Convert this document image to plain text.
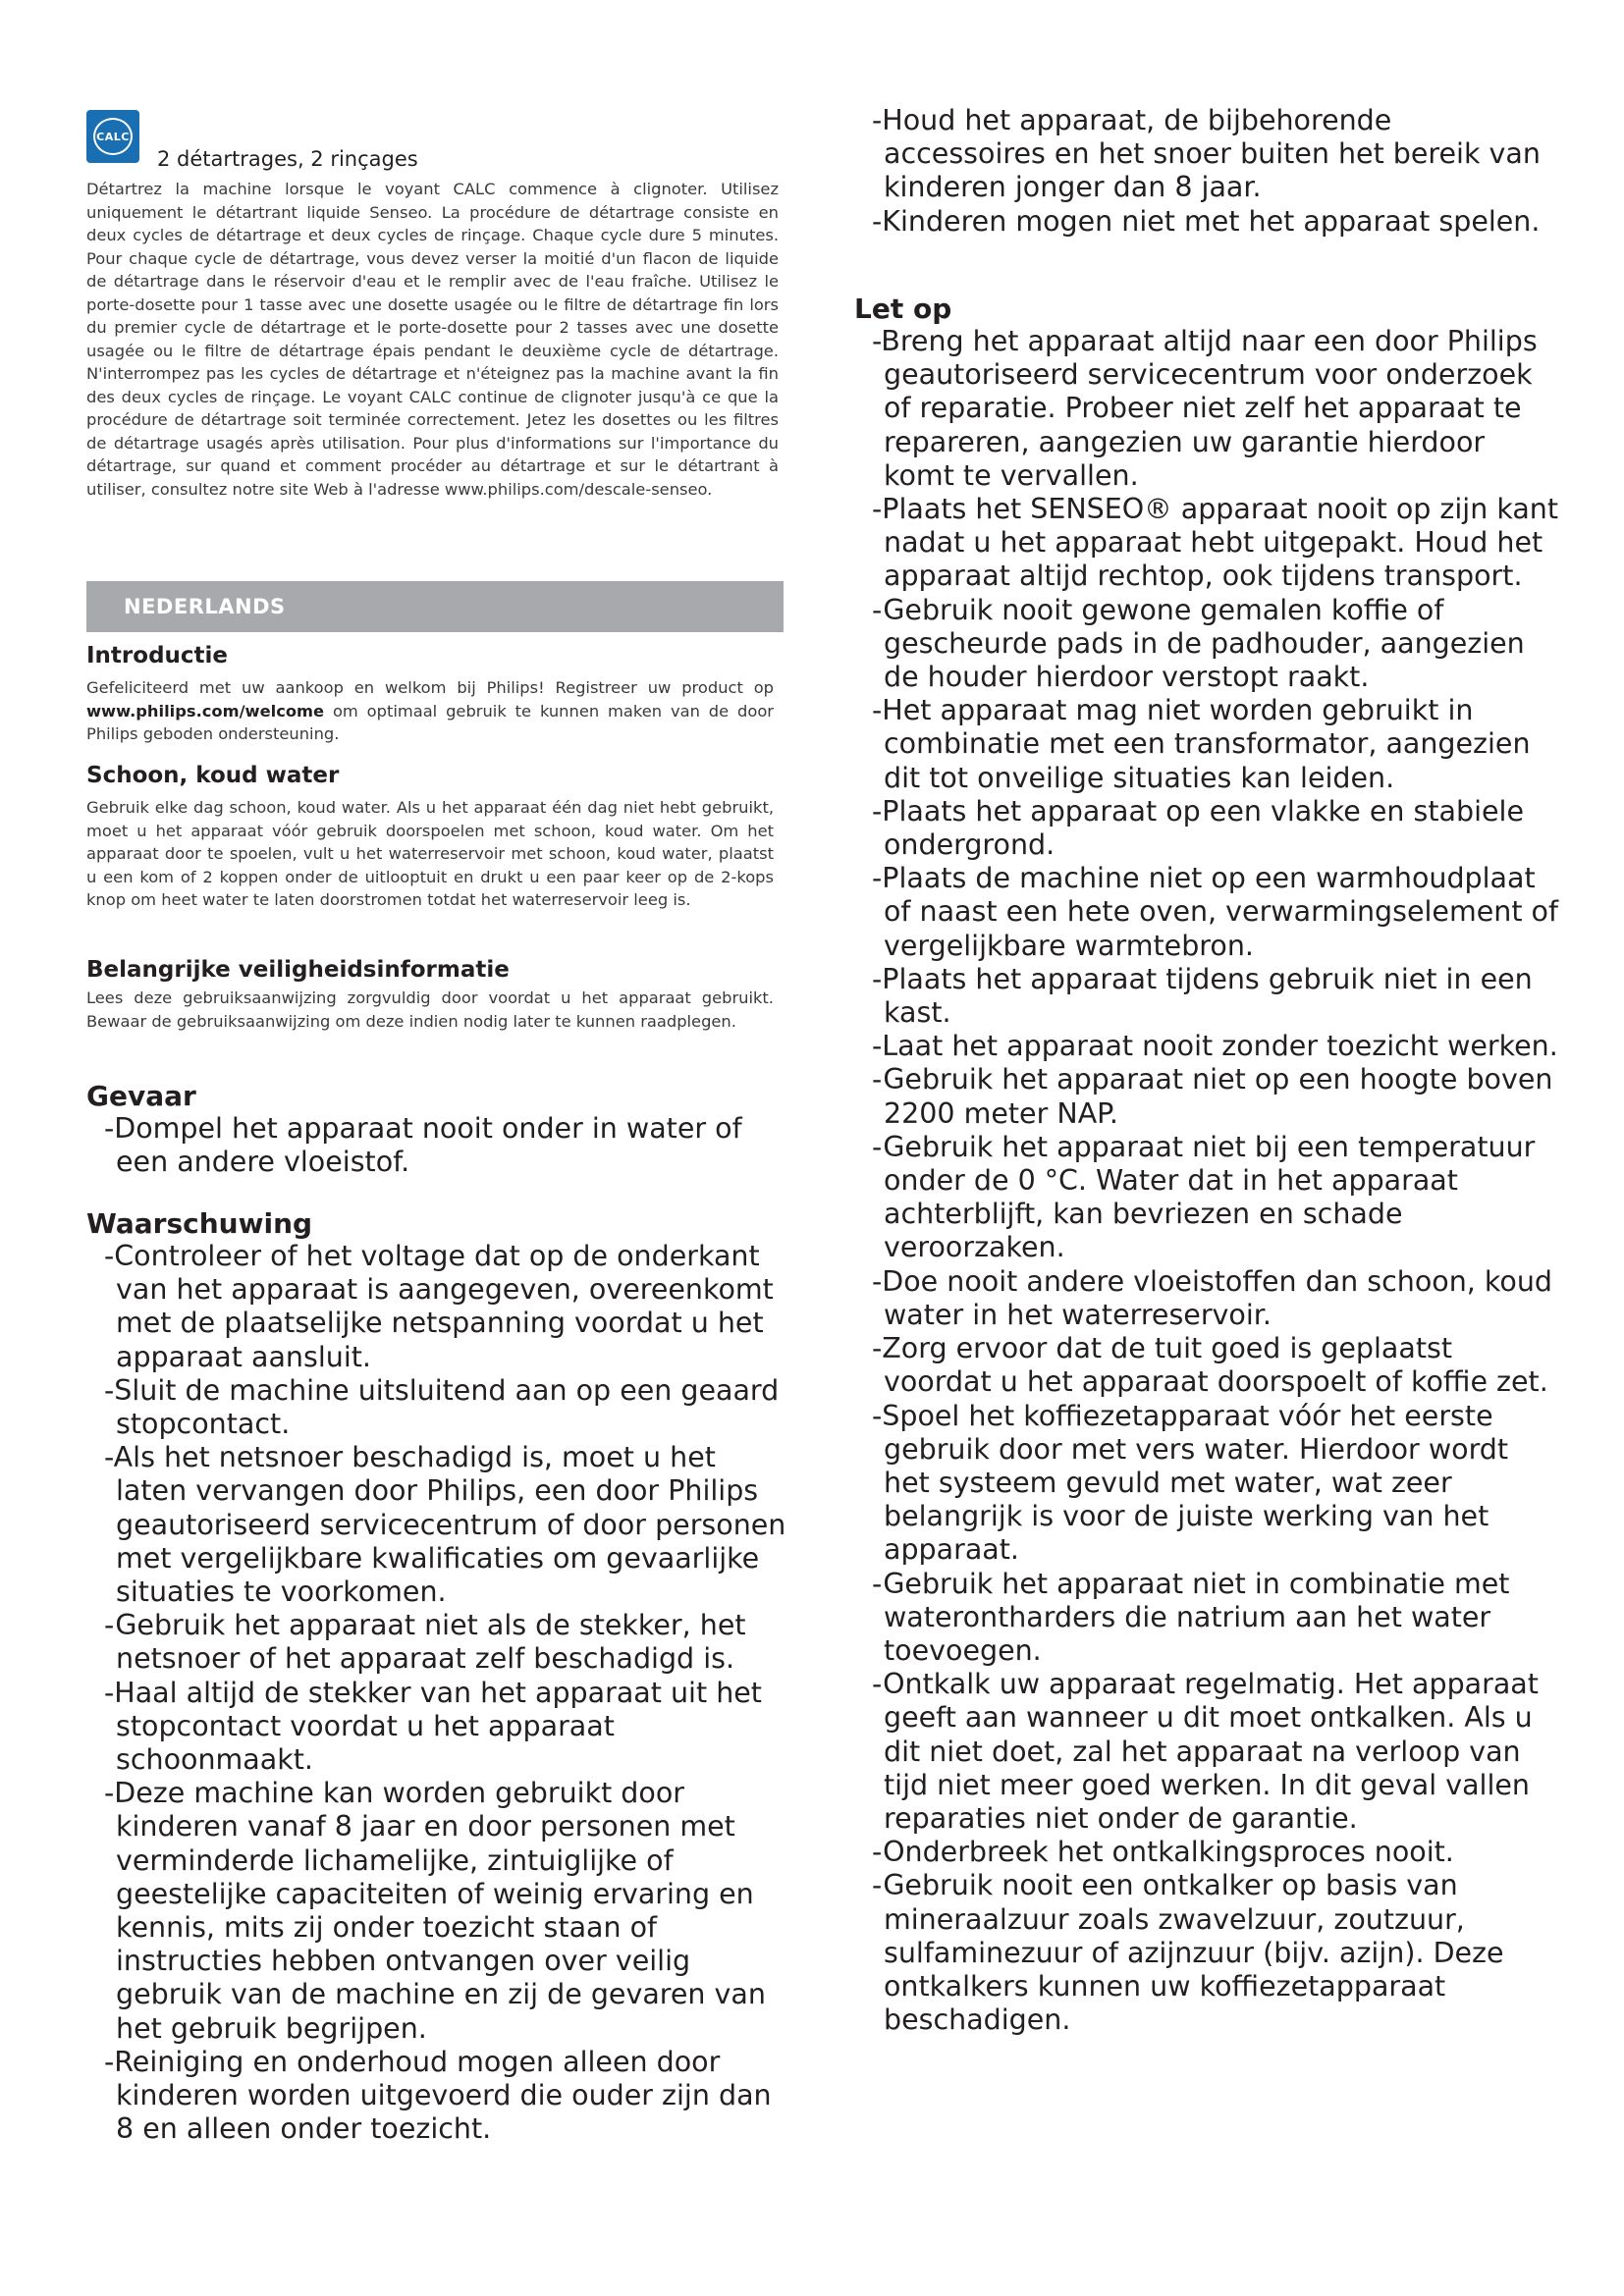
CALC
2 détartrages, 2 rinçages

Détartrez la machine lorsque le voyant CALC commence à clignoter. Utilisez uniquement le détartrant liquide Senseo. La procédure de détartrage consiste en deux cycles de détartrage et deux cycles de rinçage. Chaque cycle dure 5 minutes. Pour chaque cycle de détartrage, vous devez verser la moitié d'un flacon de liquide de détartrage dans le réservoir d'eau et le remplir avec de l'eau fraîche. Utilisez le porte-dosette pour 1 tasse avec une dosette usagée ou le filtre de détartrage fin lors du premier cycle de détartrage et le porte-dosette pour 2 tasses avec une dosette usagée ou le filtre de détartrage épais pendant le deuxième cycle de détartrage. N'interrompez pas les cycles de détartrage et n'éteignez pas la machine avant la fin des deux cycles de rinçage. Le voyant CALC continue de clignoter jusqu'à ce que la procédure de détartrage soit terminée correctement. Jetez les dosettes ou les filtres de détartrage usagés après utilisation. Pour plus d'informations sur l'importance du détartrage, sur quand et comment procéder au détartrage et sur le détartrant à utiliser, consultez notre site Web à l'adresse www.philips.com/descale-senseo.

NEDERLANDS
Introductie

Gefeliciteerd met uw aankoop en welkom bij Philips! Registreer uw product op www.philips.com/welcome om optimaal gebruik te kunnen maken van de door Philips geboden ondersteuning.

Schoon, koud water

Gebruik elke dag schoon, koud water. Als u het apparaat één dag niet hebt gebruikt, moet u het apparaat vóór gebruik doorspoelen met schoon, koud water. Om het apparaat door te spoelen, vult u het waterreservoir met schoon, koud water, plaatst u een kom of 2 koppen onder de uitlooptuit en drukt u een paar keer op de 2-kops knop om heet water te laten doorstromen totdat het waterreservoir leeg is.

Belangrijke veiligheidsinformatie

Lees deze gebruiksaanwijzing zorgvuldig door voordat u het apparaat gebruikt. Bewaar de gebruiksaanwijzing om deze indien nodig later te kunnen raadplegen.

Gevaar
-Dompel het apparaat nooit onder in water of een andere vloeistof.
Waarschuwing
-Controleer of het voltage dat op de onderkant van het apparaat is aangegeven, overeenkomt met de plaatselijke netspanning voordat u het apparaat aansluit.
-Sluit de machine uitsluitend aan op een geaard stopcontact.
-Als het netsnoer beschadigd is, moet u het laten vervangen door Philips, een door Philips geautoriseerd servicecentrum of door personen met vergelijkbare kwalificaties om gevaarlijke situaties te voorkomen.
-Gebruik het apparaat niet als de stekker, het netsnoer of het apparaat zelf beschadigd is.
-Haal altijd de stekker van het apparaat uit het stopcontact voordat u het apparaat schoonmaakt.
-Deze machine kan worden gebruikt door kinderen vanaf 8 jaar en door personen met verminderde lichamelijke, zintuiglijke of geestelijke capaciteiten of weinig ervaring en kennis, mits zij onder toezicht staan of instructies hebben ontvangen over veilig gebruik van de machine en zij de gevaren van het gebruik begrijpen.
-Reiniging en onderhoud mogen alleen door kinderen worden uitgevoerd die ouder zijn dan 8 en alleen onder toezicht.
-Houd het apparaat, de bijbehorende accessoires en het snoer buiten het bereik van kinderen jonger dan 8 jaar.
-Kinderen mogen niet met het apparaat spelen.
Let op
-Breng het apparaat altijd naar een door Philips geautoriseerd servicecentrum voor onderzoek of reparatie. Probeer niet zelf het apparaat te repareren, aangezien uw garantie hierdoor komt te vervallen.
-Plaats het SENSEO® apparaat nooit op zijn kant nadat u het apparaat hebt uitgepakt. Houd het apparaat altijd rechtop, ook tijdens transport.
-Gebruik nooit gewone gemalen koffie of gescheurde pads in de padhouder, aangezien de houder hierdoor verstopt raakt.
-Het apparaat mag niet worden gebruikt in combinatie met een transformator, aangezien dit tot onveilige situaties kan leiden.
-Plaats het apparaat op een vlakke en stabiele ondergrond.
-Plaats de machine niet op een warmhoudplaat of naast een hete oven, verwarmingselement of vergelijkbare warmtebron.
-Plaats het apparaat tijdens gebruik niet in een kast.
-Laat het apparaat nooit zonder toezicht werken.
-Gebruik het apparaat niet op een hoogte boven 2200 meter NAP.
-Gebruik het apparaat niet bij een temperatuur onder de 0 °C. Water dat in het apparaat achterblijft, kan bevriezen en schade veroorzaken.
-Doe nooit andere vloeistoffen dan schoon, koud water in het waterreservoir.
-Zorg ervoor dat de tuit goed is geplaatst voordat u het apparaat doorspoelt of koffie zet.
-Spoel het koffiezetapparaat vóór het eerste gebruik door met vers water. Hierdoor wordt het systeem gevuld met water, wat zeer belangrijk is voor de juiste werking van het apparaat.
-Gebruik het apparaat niet in combinatie met waterontharders die natrium aan het water toevoegen.
-Ontkalk uw apparaat regelmatig. Het apparaat geeft aan wanneer u dit moet ontkalken. Als u dit niet doet, zal het apparaat na verloop van tijd niet meer goed werken. In dit geval vallen reparaties niet onder de garantie.
-Onderbreek het ontkalkingsproces nooit.
-Gebruik nooit een ontkalker op basis van mineraalzuur zoals zwavelzuur, zoutzuur, sulfaminezuur of azijnzuur (bijv. azijn). Deze ontkalkers kunnen uw koffiezetapparaat beschadigen.
